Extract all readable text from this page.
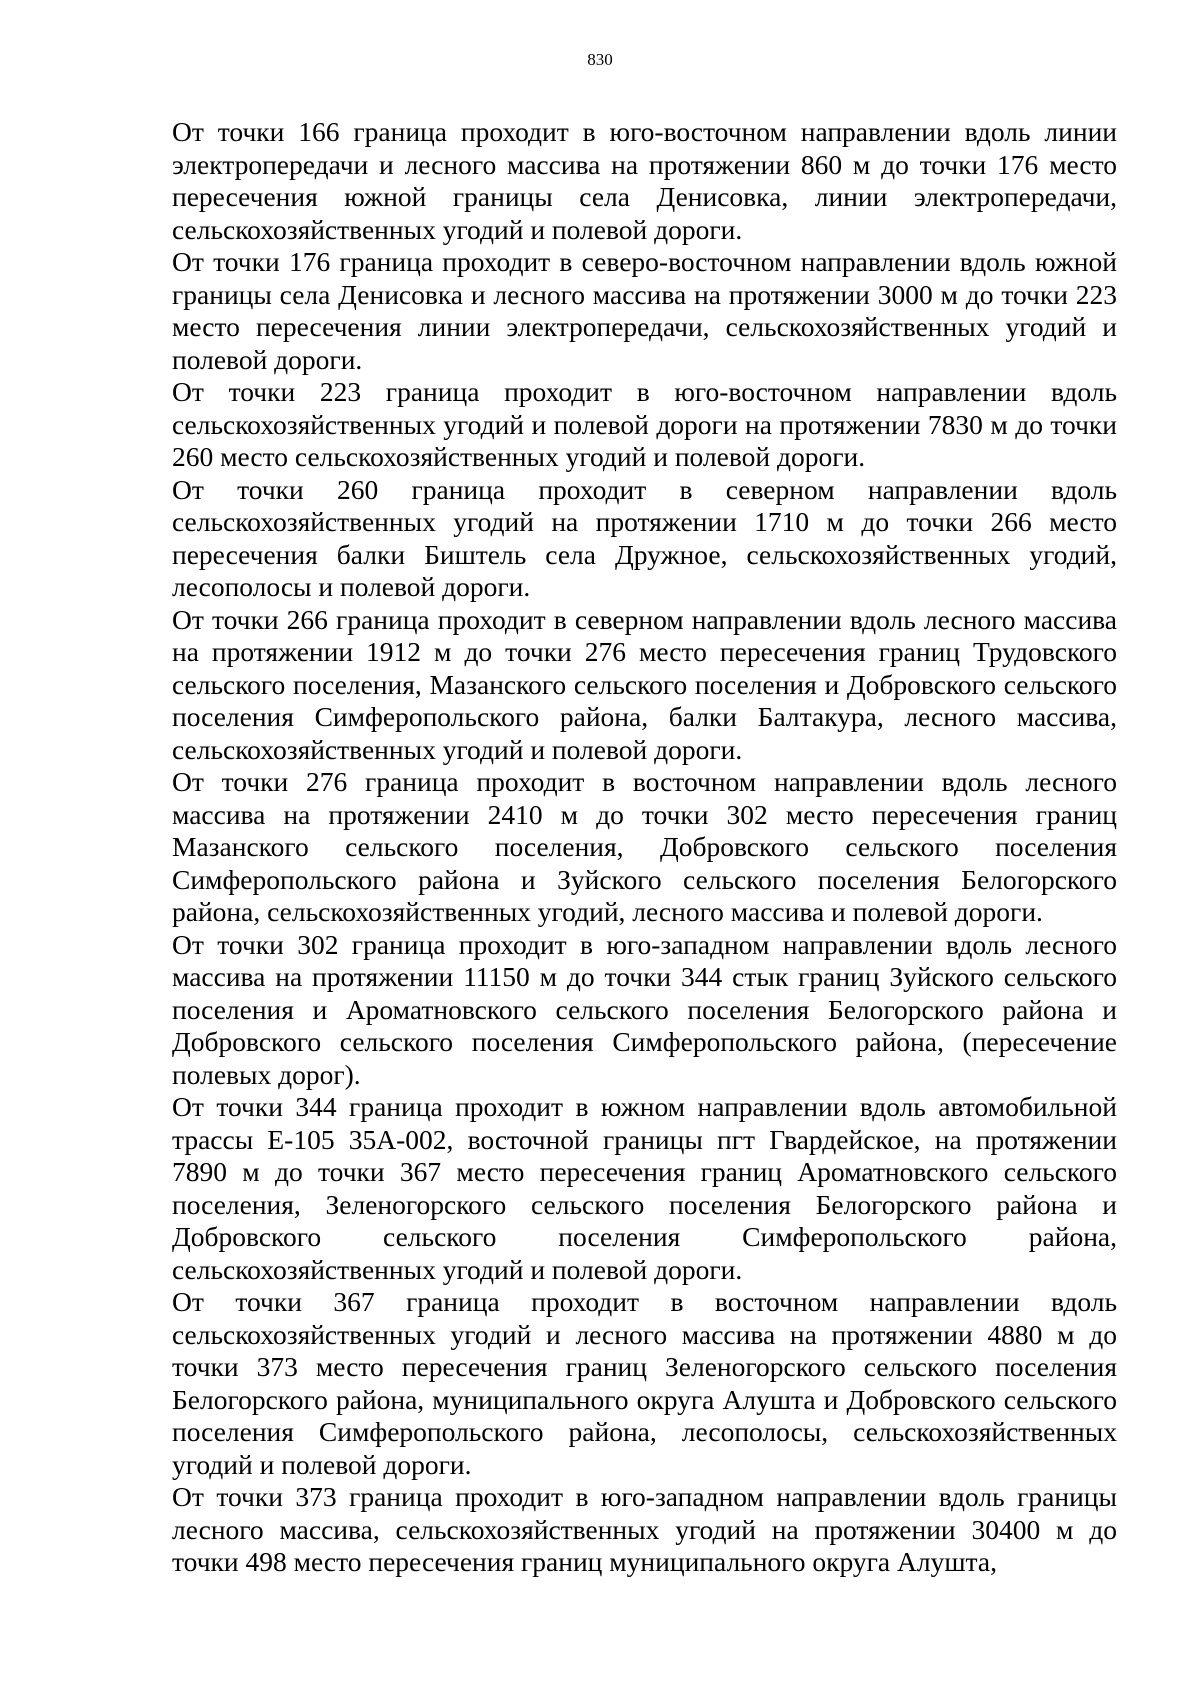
830

От точки 166 граница проходит в юго-восточном направлении вдоль линии электропередачи и лесного массива на протяжении 860 м до точки 176 место пересечения южной границы села Денисовка, линии электропередачи, сельскохозяйственных угодий и полевой дороги.

От точки 176 граница проходит в северо-восточном направлении вдоль южной границы села Денисовка и лесного массива на протяжении 3000 м до точки 223 место пересечения линии электропередачи, сельскохозяйственных угодий и полевой дороги.

От точки 223 граница проходит в юго-восточном направлении вдоль сельскохозяйственных угодий и полевой дороги на протяжении 7830 м до точки 260 место сельскохозяйственных угодий и полевой дороги.

От точки 260 граница проходит в северном направлении вдоль сельскохозяйственных угодий на протяжении 1710 м до точки 266 место пересечения балки Биштель села Дружное, сельскохозяйственных угодий, лесополосы и полевой дороги.

От точки 266 граница проходит в северном направлении вдоль лесного массива на протяжении 1912 м до точки 276 место пересечения границ Трудовского сельского поселения, Мазанского сельского поселения и Добровского сельского поселения Симферопольского района, балки Балтакура, лесного массива, сельскохозяйственных угодий и полевой дороги.

От точки 276 граница проходит в восточном направлении вдоль лесного массива на протяжении 2410 м до точки 302 место пересечения границ Мазанского сельского поселения, Добровского сельского поселения Симферопольского района и Зуйского сельского поселения Белогорского района, сельскохозяйственных угодий, лесного массива и полевой дороги.

От точки 302 граница проходит в юго-западном направлении вдоль лесного массива на протяжении 11150 м до точки 344 стык границ Зуйского сельского поселения и Ароматновского сельского поселения Белогорского района и Добровского сельского поселения Симферопольского района, (пересечение полевых дорог).

От точки 344 граница проходит в южном направлении вдоль автомобильной трассы Е-105 35А-002, восточной границы пгт Гвардейское, на протяжении 7890 м до точки 367 место пересечения границ Ароматновского сельского поселения, Зеленогорского сельского поселения Белогорского района и Добровского сельского поселения Симферопольского района, сельскохозяйственных угодий и полевой дороги.

От точки 367 граница проходит в восточном направлении вдоль сельскохозяйственных угодий и лесного массива на протяжении 4880 м до точки 373 место пересечения границ Зеленогорского сельского поселения Белогорского района, муниципального округа Алушта и Добровского сельского поселения Симферопольского района, лесополосы, сельскохозяйственных угодий и полевой дороги.

От точки 373 граница проходит в юго-западном направлении вдоль границы лесного массива, сельскохозяйственных угодий на протяжении 30400 м до точки 498 место пересечения границ муниципального округа Алушта,
